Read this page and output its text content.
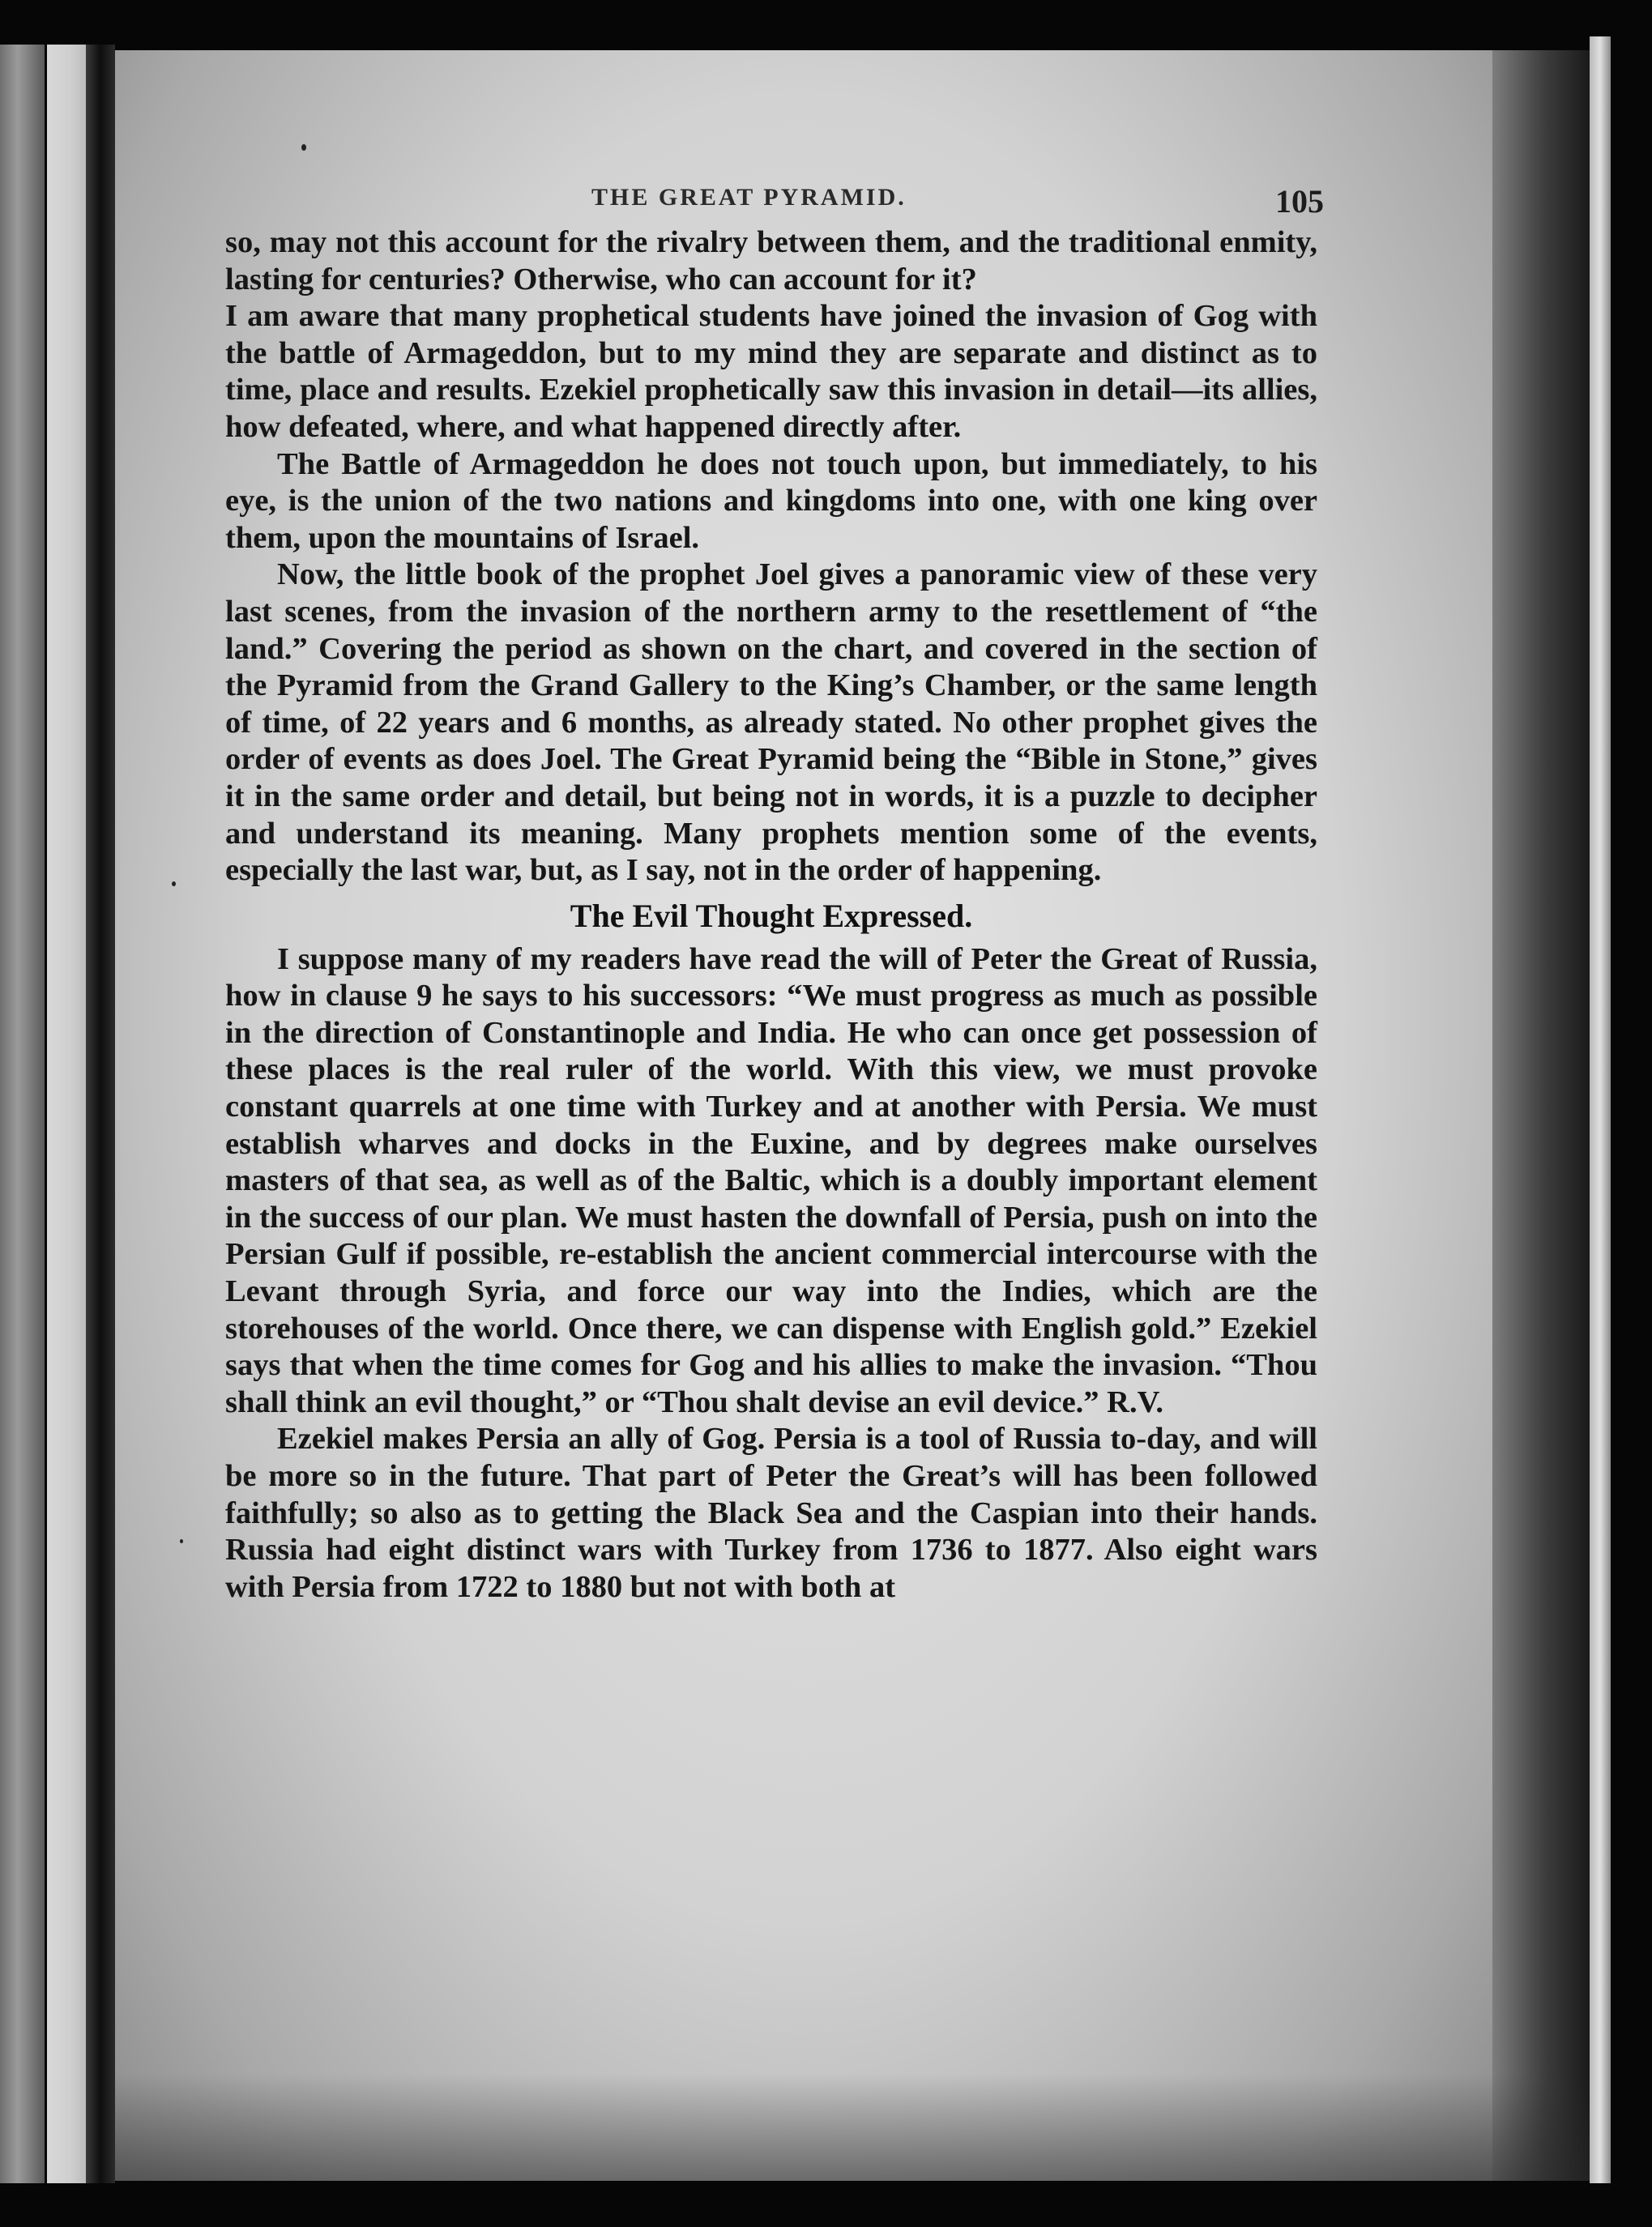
THE GREAT PYRAMID.	105

so, may not this account for the rivalry between them, and the traditional enmity, lasting for centuries? Otherwise, who can account for it?

I am aware that many prophetical students have joined the invasion of Gog with the battle of Armageddon, but to my mind they are separate and distinct as to time, place and results. Ezekiel prophetically saw this invasion in detail—its allies, how defeated, where, and what happened directly after.

The Battle of Armageddon he does not touch upon, but immediately, to his eye, is the union of the two nations and kingdoms into one, with one king over them, upon the mountains of Israel.

Now, the little book of the prophet Joel gives a panoramic view of these very last scenes, from the invasion of the northern army to the resettlement of “the land.” Covering the period as shown on the chart, and covered in the section of the Pyramid from the Grand Gallery to the King’s Chamber, or the same length of time, of 22 years and 6 months, as already stated. No other prophet gives the order of events as does Joel. The Great Pyramid being the “Bible in Stone,” gives it in the same order and detail, but being not in words, it is a puzzle to decipher and understand its meaning. Many prophets mention some of the events, especially the last war, but, as I say, not in the order of happening.

The Evil Thought Expressed.

I suppose many of my readers have read the will of Peter the Great of Russia, how in clause 9 he says to his successors: “We must progress as much as possible in the direction of Constantinople and India. He who can once get possession of these places is the real ruler of the world. With this view, we must provoke constant quarrels at one time with Turkey and at another with Persia. We must establish wharves and docks in the Euxine, and by degrees make ourselves masters of that sea, as well as of the Baltic, which is a doubly important element in the success of our plan. We must hasten the downfall of Persia, push on into the Persian Gulf if possible, re-establish the ancient commercial intercourse with the Levant through Syria, and force our way into the Indies, which are the storehouses of the world. Once there, we can dispense with English gold.” Ezekiel says that when the time comes for Gog and his allies to make the invasion. “Thou shall think an evil thought,” or “Thou shalt devise an evil device.” R.V.

Ezekiel makes Persia an ally of Gog. Persia is a tool of Russia to-day, and will be more so in the future. That part of Peter the Great’s will has been followed faithfully; so also as to getting the Black Sea and the Caspian into their hands. Russia had eight distinct wars with Turkey from 1736 to 1877. Also eight wars with Persia from 1722 to 1880 but not with both at
